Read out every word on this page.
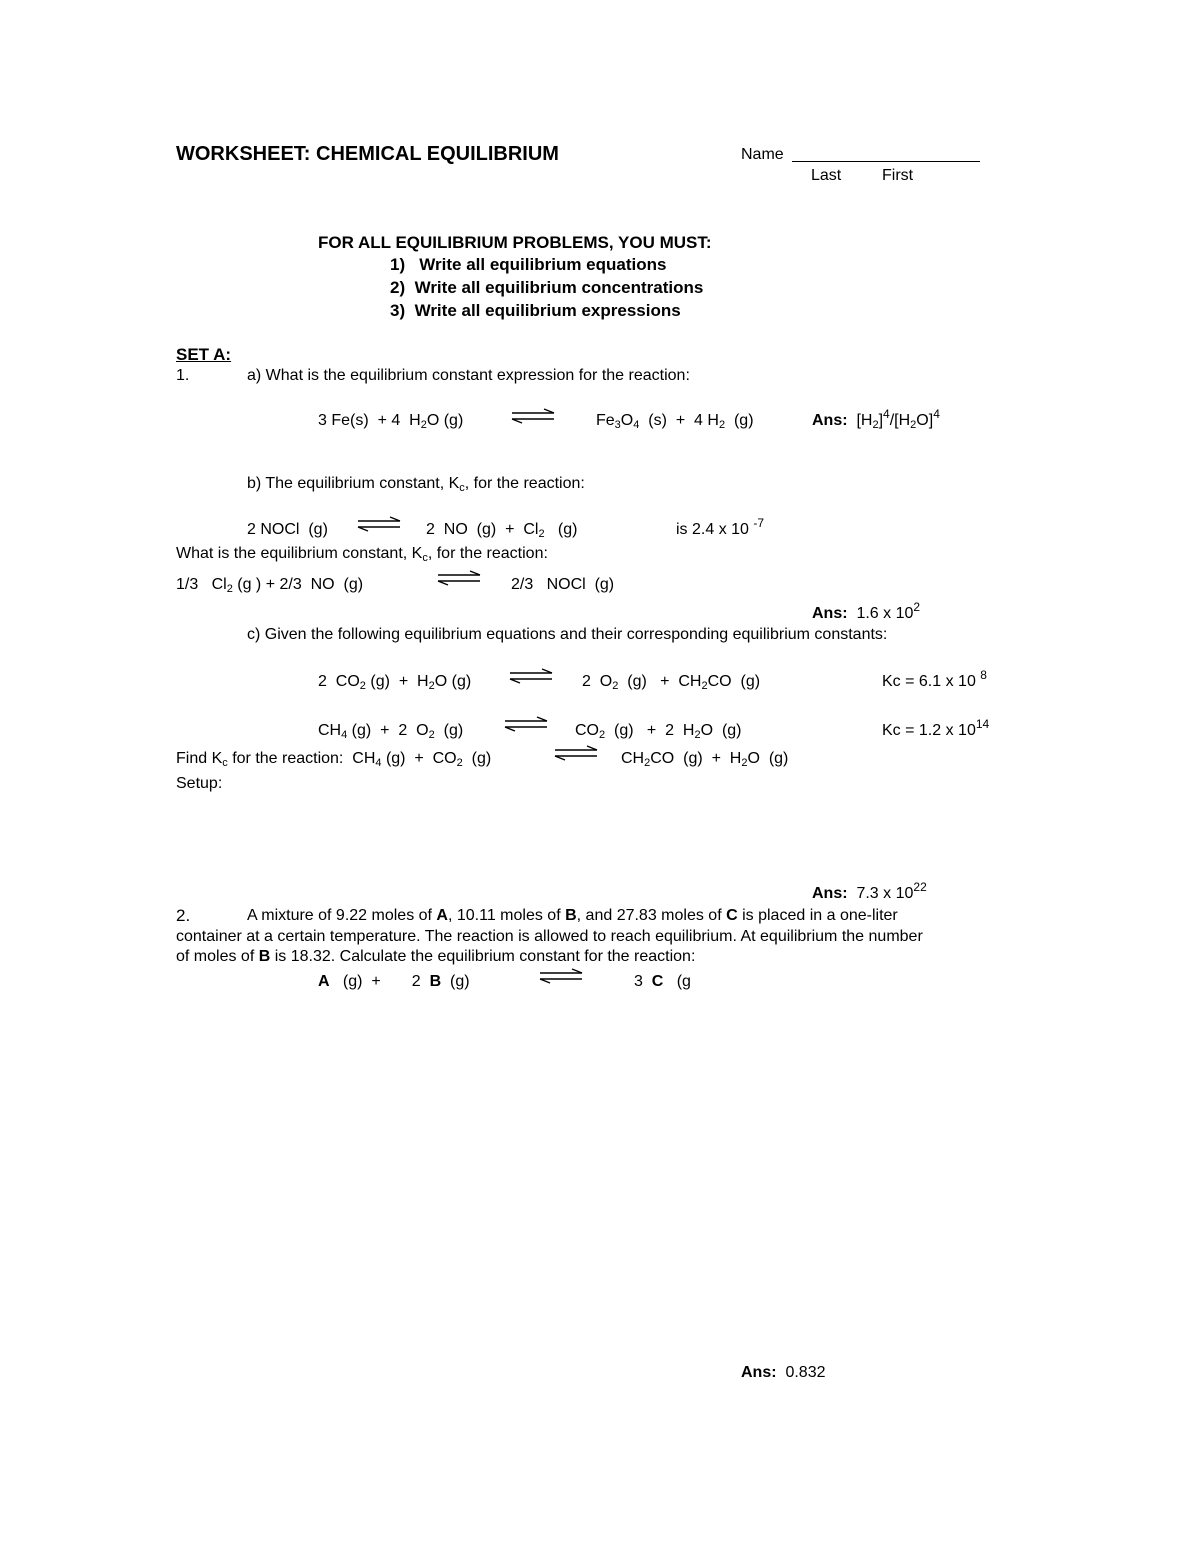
WORKSHEET: CHEMICAL EQUILIBRIUM	Name
Last	First
FOR ALL EQUILIBRIUM PROBLEMS, YOU MUST:
1) Write all equilibrium equations
2) Write all equilibrium concentrations
3) Write all equilibrium expressions
SET A:
1.	a) What is the equilibrium constant expression for the reaction:
3 Fe(s)  + 4  $H_2O$ (g)	$Fe_3O_4$  (s)  +  4 $H_2$  (g)	Ans:  $[H_2]^4/[H_2O]^4$
b) The equilibrium constant, $K_c$, for the reaction:
2 NOCl  (g) ⇌ 2  NO  $(g) + Cl_2$   (g)	is 2.4 x 10 $^{-7}$
What is the equilibrium constant, $K_c$, for the reaction:
1/3   $Cl_2$ (g ) + 2/3  NO  (g)	2/3   NOCl  (g)
Ans: 1.6 x $10^2$
c) Given the following equilibrium equations and their corresponding equilibrium constants:
2  $CO_2$ $(g) + H_2O$ (g)	2  $O_2$  $(g) + CH_2CO$  (g)	Kc = 6.1 x 10 $^8$
$CH_4$ (g)  +  2  $O_2$  (g)	$CO_2$  (g)   +  2  $H_2O$  (g)	Kc = 1.2 x $10^{14}$
Find $K_c$ for the reaction:  $CH_4$ $(g) + CO_2$  (g)	⇌ $CH_2CO$  $(g) + H_2O$  (g)
Setup:
Ans: 7.3 x $10^{22}$
2.	A mixture of 9.22 moles of A, 10.11 moles of B, and 27.83 moles of C is placed in a one-liter
container at a certain temperature. The reaction is allowed to reach equilibrium. At equilibrium the number
of moles of B is 18.32. Calculate the equilibrium constant for the reaction:
A   (g)  +       2  B  (g)	3  C   (g
Ans: 0.832
